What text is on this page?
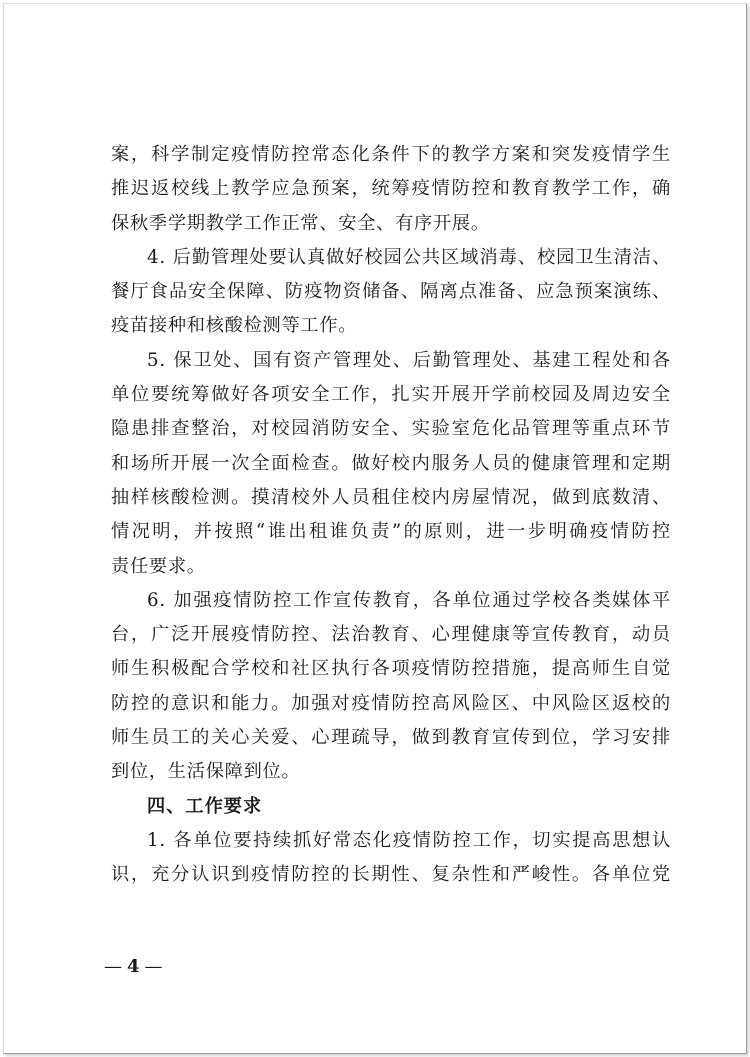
案，科学制定疫情防控常态化条件下的教学方案和突发疫情学生
推迟返校线上教学应急预案，统筹疫情防控和教育教学工作，确
保秋季学期教学工作正常、安全、有序开展。
4. 后勤管理处要认真做好校园公共区域消毒、校园卫生清洁、
餐厅食品安全保障、防疫物资储备、隔离点准备、应急预案演练、
疫苗接种和核酸检测等工作。
5. 保卫处、国有资产管理处、后勤管理处、基建工程处和各
单位要统筹做好各项安全工作，扎实开展开学前校园及周边安全
隐患排查整治，对校园消防安全、实验室危化品管理等重点环节
和场所开展一次全面检查。做好校内服务人员的健康管理和定期
抽样核酸检测。摸清校外人员租住校内房屋情况，做到底数清、
情况明，并按照“谁出租谁负责”的原则，进一步明确疫情防控
责任要求。
6. 加强疫情防控工作宣传教育，各单位通过学校各类媒体平
台，广泛开展疫情防控、法治教育、心理健康等宣传教育，动员
师生积极配合学校和社区执行各项疫情防控措施，提高师生自觉
防控的意识和能力。加强对疫情防控高风险区、中风险区返校的
师生员工的关心关爱、心理疏导，做到教育宣传到位，学习安排
到位，生活保障到位。
四、工作要求
1. 各单位要持续抓好常态化疫情防控工作，切实提高思想认
识，充分认识到疫情防控的长期性、复杂性和严峻性。各单位党
— 4 —
